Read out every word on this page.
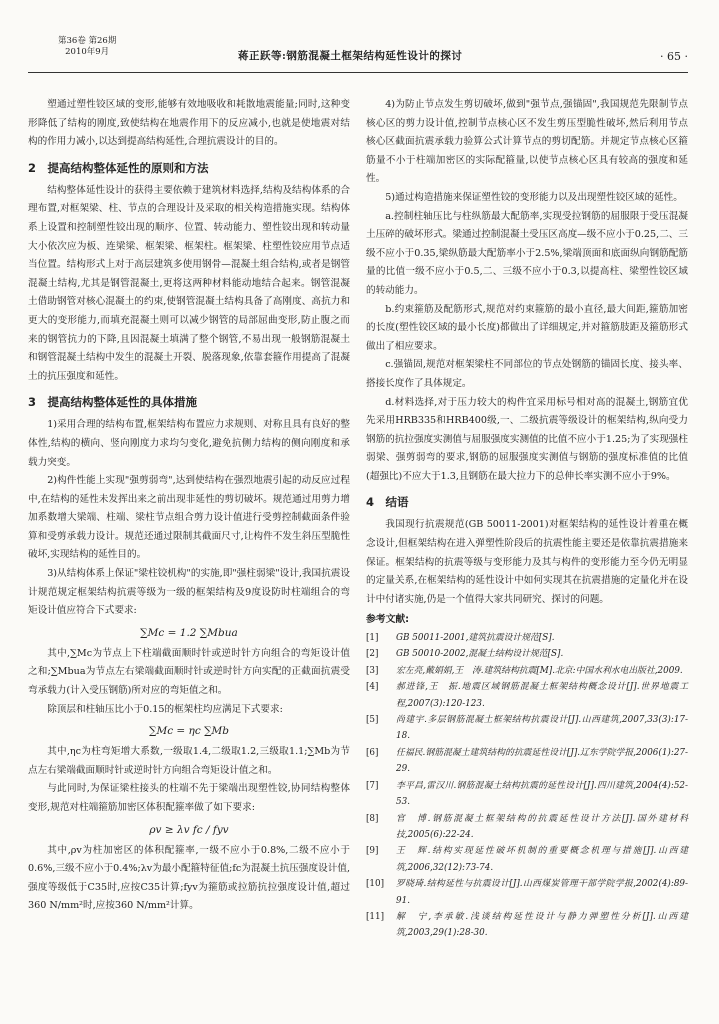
第36卷 第26期
2010年9月	蒋正跃等:钢筋混凝土框架结构延性设计的探讨	· 65 ·

塑通过塑性铰区域的变形,能够有效地吸收和耗散地震能量;同时,这种变形降低了结构的刚度,致使结构在地震作用下的反应减小,也就是使地震对结构的作用力减小,以达到提高结构延性,合理抗震设计的目的。

2　提高结构整体延性的原则和方法

结构整体延性设计的获得主要依赖于建筑材料选择,结构及结构体系的合理布置,对框架梁、柱、节点的合理设计及采取的相关构造措施实现。结构体系上设置和控制塑性铰出现的顺序、位置、转动能力、塑性铰出现和转动量大小依次应为板、连梁梁、框架梁、框架柱。框架梁、柱塑性铰应用节点适当位置。结构形式上对于高层建筑多使用钢骨—混凝土组合结构,或者是钢管混凝土结构,尤其是钢管混凝土,更将这两种材料能动地结合起来。钢管混凝土借助钢管对核心混凝土的约束,使钢管混凝土结构具备了高刚度、高抗力和更大的变形能力,而填充混凝土则可以减少钢管的局部屈曲变形,防止腹之而来的钢管抗力的下降,且因混凝土填满了整个钢管,不易出现一般钢筋混凝土和钢管混凝土结构中发生的混凝土开裂、脱落现象,依靠套箍作用提高了混凝土的抗压强度和延性。

3　提高结构整体延性的具体措施

1)采用合理的结构布置,框架结构布置应力求规则、对称且具有良好的整体性,结构的横向、竖向刚度力求均匀变化,避免抗侧力结构的侧向刚度和承载力突变。

2)构件性能上实现"强剪弱弯",达到使结构在强烈地震引起的动反应过程中,在结构的延性未发挥出来之前出现非延性的剪切破坏。规范通过用剪力增加系数增大梁端、柱端、梁柱节点组合剪力设计值进行受剪控制截面条件验算和受剪承载力设计。规范还通过限制其截面尺寸,让构件不发生斜压型脆性破坏,实现结构的延性目的。

3)从结构体系上保证"梁柱铰机构"的实施,即"强柱弱梁"设计,我国抗震设计规范规定框架结构抗震等级为一级的框架结构及9度设防时柱端组合的弯矩设计值应符合下式要求:

∑Mc = 1.2 ∑Mbua

其中,∑Mc为节点上下柱端截面顺时针或逆时针方向组合的弯矩设计值之和;∑Mbua为节点左右梁端截面顺时针或逆时针方向实配的正截面抗震受弯承载力(计入受压钢筋)所对应的弯矩值之和。

除顶层和柱轴压比小于0.15的框架柱均应满足下式要求:

∑Mc = ηc ∑Mb

其中,ηc为柱弯矩增大系数,一级取1.4,二级取1.2,三级取1.1;∑Mb为节点左右梁端截面顺时针或逆时针方向组合弯矩设计值之和。

与此同时,为保证梁柱接头的柱端不先于梁端出现塑性铰,协同结构整体变形,规范对柱端箍筋加密区体积配箍率做了如下要求:

ρv ≥ λv fc / fyv

其中,ρv为柱加密区的体积配箍率,一级不应小于0.8%,二级不应小于0.6%,三级不应小于0.4%;λv为最小配箍特征值;fc为混凝土抗压强度设计值,强度等级低于C35时,应按C35计算;fyv为箍筋或拉筋抗拉强度设计值,超过360 N/mm²时,应按360 N/mm²计算。

4)为防止节点发生剪切破坏,做到"强节点,强锚固",我国规范先限制节点核心区的剪力设计值,控制节点核心区不发生剪压型脆性破坏,然后利用节点核心区截面抗震承载力验算公式计算节点的剪切配筋。并规定节点核心区箍筋量不小于柱端加密区的实际配箍量,以使节点核心区具有较高的强度和延性。

5)通过构造措施来保证塑性铰的变形能力以及出现塑性铰区域的延性。

a.控制柱轴压比与柱纵筋最大配筋率,实现受拉钢筋的屈服限于受压混凝土压碎的破坏形式。梁通过控制混凝土受压区高度—级不应小于0.25,二、三级不应小于0.35,梁纵筋最大配筋率小于2.5%,梁端顶面和底面纵向钢筋配筋量的比值一级不应小于0.5,二、三级不应小于0.3,以提高柱、梁塑性铰区域的转动能力。

b.约束箍筋及配筋形式,规范对约束箍筋的最小直径,最大间距,箍筋加密的长度(塑性铰区域的最小长度)都做出了详细规定,并对箍筋肢距及箍筋形式做出了相应要求。

c.强锚固,规范对框架梁柱不同部位的节点处钢筋的锚固长度、接头率、搭接长度作了具体规定。

d.材料选择,对于压力较大的构件宜采用标号相对高的混凝土,钢筋宜优先采用HRB335和HRB400级,一、二级抗震等级设计的框架结构,纵向受力钢筋的抗拉强度实测值与屈服强度实测值的比值不应小于1.25;为了实现强柱弱梁、强剪弱弯的要求,钢筋的屈服强度实测值与钢筋的强度标准值的比值(超强比)不应大于1.3,且钢筋在最大拉力下的总伸长率实测不应小于9%。

4　结语

我国现行抗震规范(GB 50011-2001)对框架结构的延性设计着重在概念设计,但框架结构在进入弹塑性阶段后的抗震性能主要还是依靠抗震措施来保证。框架结构的抗震等级与变形能力及其与构件的变形能力至今仍无明显的定量关系,在框架结构的延性设计中如何实现其在抗震措施的定量化并在设计中付诸实施,仍是一个值得大家共同研究、探讨的问题。

参考文献:
[1]	GB 50011-2001,建筑抗震设计规范[S].
[2]	GB 50010-2002,混凝土结构设计规范[S].
[3]	宏左亮,戴娟娟,王　涛.建筑结构抗震[M].北京:中国水利水电出版社,2009.
[4]	郝进锋,王　振.地震区域钢筋混凝土框架结构概念设计[J].世界地震工程,2007(3):120-123.
[5]	尚建宇.多层钢筋混凝土框架结构抗震设计[J].山西建筑,2007,33(3):17-18.
[6]	任福民.钢筋混凝土建筑结构的抗震延性设计[J].辽东学院学报,2006(1):27-29.
[7]	李平昌,雷汉川.钢筋混凝土结构抗震的延性设计[J].四川建筑,2004(4):52-53.
[8]	官　博.钢筋混凝土框架结构的抗震延性设计方法[J].国外建材科技,2005(6):22-24.
[9]	王　辉.结构实现延性破坏机制的重要概念机理与措施[J].山西建筑,2006,32(12):73-74.
[10]	罗晓琦.结构延性与抗震设计[J].山西煤炭管理干部学院学报,2002(4):89-91.
[11]	解　宁,李承敏.浅谈结构延性设计与静力弹塑性分析[J].山西建筑,2003,29(1):28-30.
